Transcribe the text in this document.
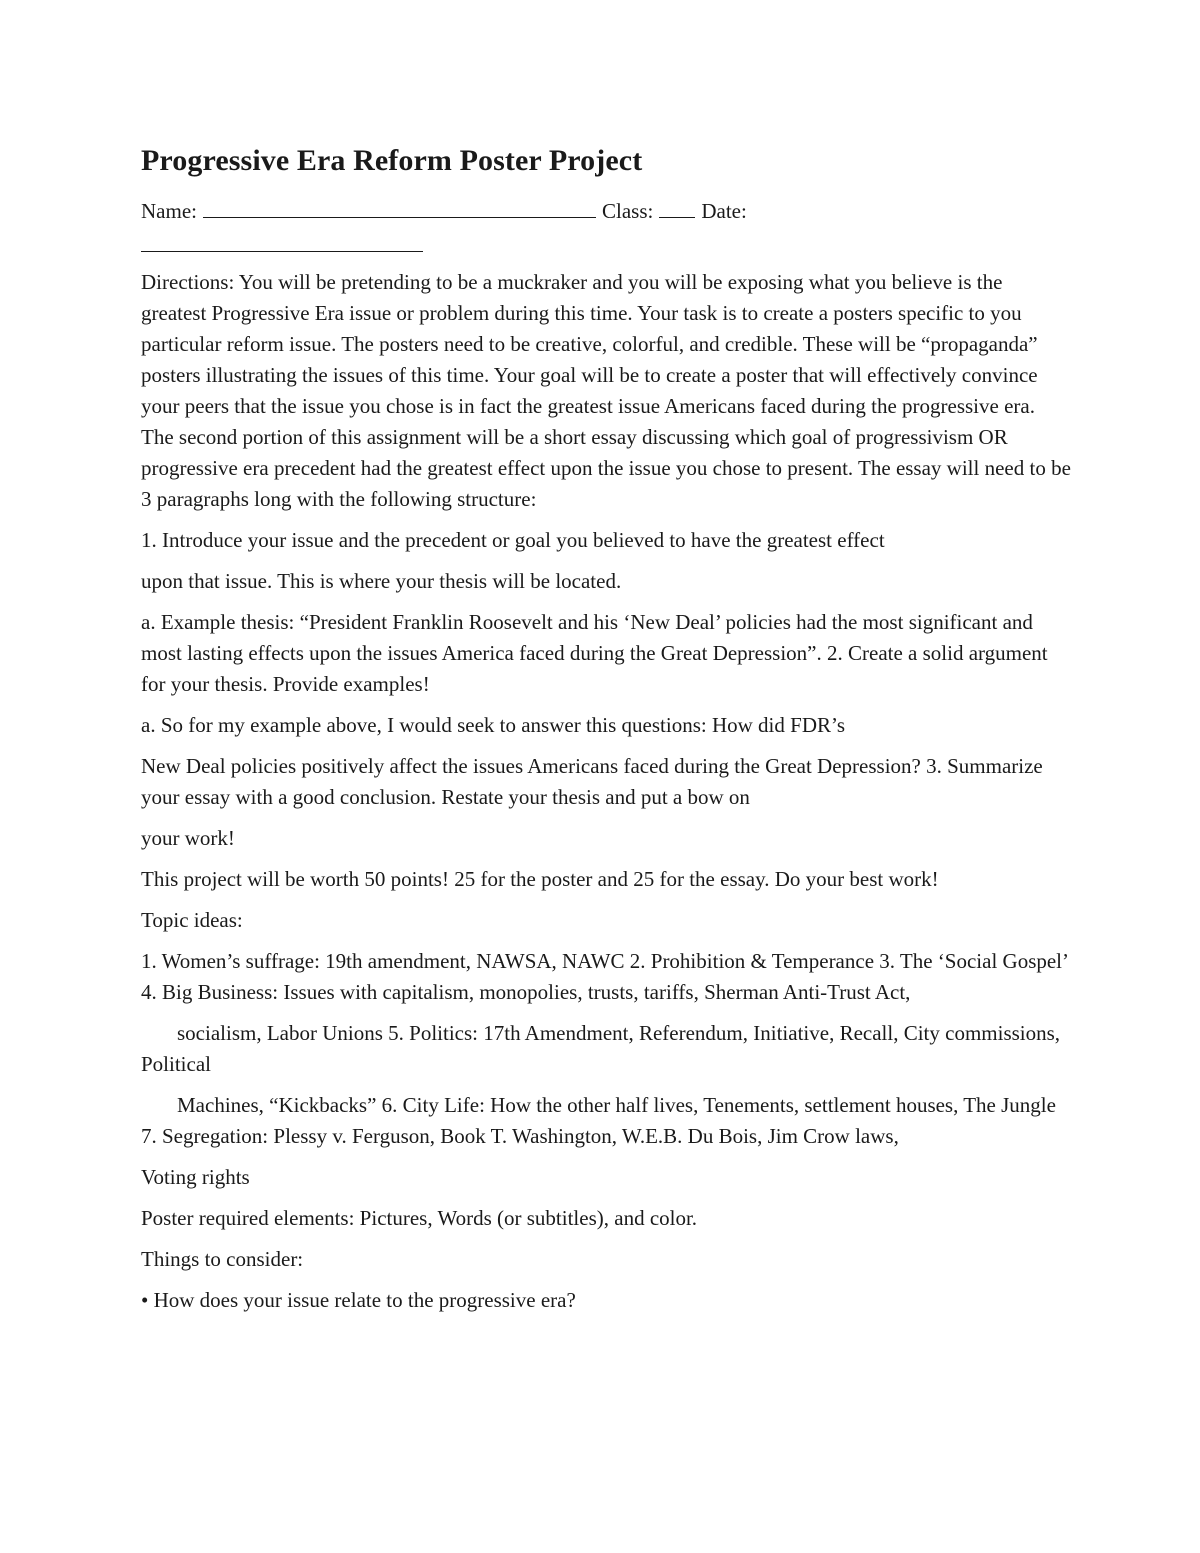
Progressive Era Reform Poster Project
Name:	Class: Date:

Directions: You will be pretending to be a muckraker and you will be exposing what you believe is the greatest Progressive Era issue or problem during this time. Your task is to create a posters specific to you particular reform issue. The posters need to be creative, colorful, and credible. These will be “propaganda” posters illustrating the issues of this time. Your goal will be to create a poster that will effectively convince your peers that the issue you chose is in fact the greatest issue Americans faced during the progressive era. The second portion of this assignment will be a short essay discussing which goal of progressivism OR progressive era precedent had the greatest effect upon the issue you chose to present. The essay will need to be 3 paragraphs long with the following structure:

1. Introduce your issue and the precedent or goal you believed to have the greatest effect

upon that issue. This is where your thesis will be located.

a. Example thesis: “President Franklin Roosevelt and his ‘New Deal’ policies had the most significant and most lasting effects upon the issues America faced during the Great Depression”. 2. Create a solid argument for your thesis. Provide examples!

a. So for my example above, I would seek to answer this questions: How did FDR’s

New Deal policies positively affect the issues Americans faced during the Great Depression? 3. Summarize your essay with a good conclusion. Restate your thesis and put a bow on

your work!

This project will be worth 50 points! 25 for the poster and 25 for the essay. Do your best work!

Topic ideas:

1. Women’s suffrage: 19th amendment, NAWSA, NAWC 2. Prohibition & Temperance 3. The ‘Social Gospel’ 4. Big Business: Issues with capitalism, monopolies, trusts, tariffs, Sherman Anti-Trust Act,

socialism, Labor Unions 5. Politics: 17th Amendment, Referendum, Initiative, Recall, City commissions, Political

Machines, “Kickbacks” 6. City Life: How the other half lives, Tenements, settlement houses, The Jungle 7. Segregation: Plessy v. Ferguson, Book T. Washington, W.E.B. Du Bois, Jim Crow laws,

Voting rights

Poster required elements: Pictures, Words (or subtitles), and color.

Things to consider:

• How does your issue relate to the progressive era?
